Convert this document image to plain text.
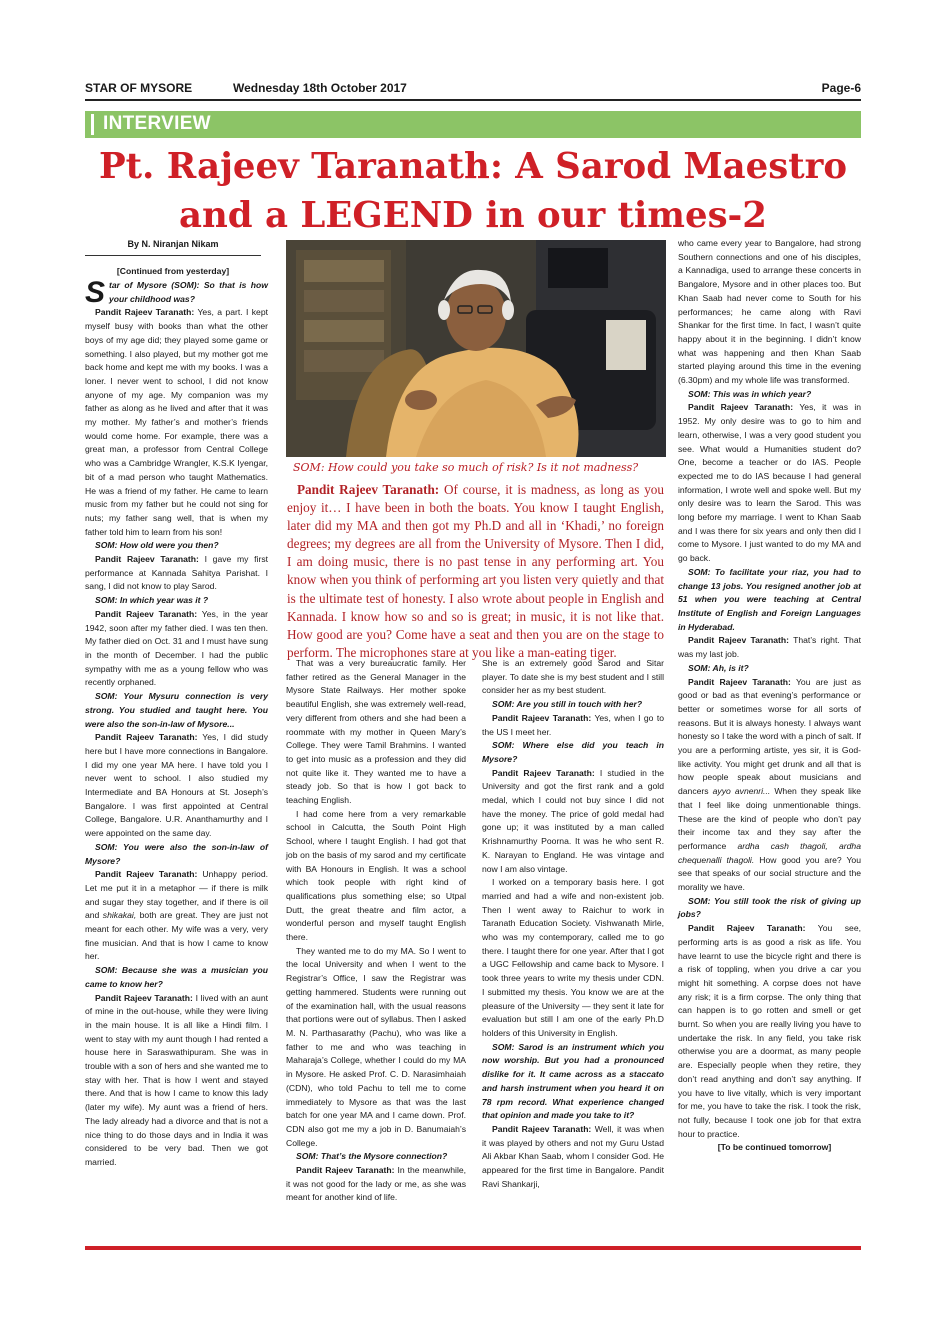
STAR OF MYSORE	Wednesday 18th October 2017	Page-6
INTERVIEW
Pt. Rajeev Taranath: A Sarod Maestro
and a LEGEND in our times-2
By N. Niranjan Nikam
[Continued from yesterday]

Star of Mysore (SOM): So that is how your childhood was?

Pandit Rajeev Taranath: Yes, a part. I kept myself busy with books than what the other boys of my age did; they played some game or something. I also played, but my mother got me back home and kept me with my books. I was a loner. I never went to school, I did not know anyone of my age. My companion was my father as along as he lived and after that it was my mother. My father’s and mother’s friends would come home. For example, there was a great man, a professor from Central College who was a Cambridge Wrangler, K.S.K Iyengar, bit of a mad person who taught Mathematics. He was a friend of my father. He came to learn music from my father but he could not sing for nuts; my father sang well, that is when my father told him to learn from his son!

SOM: How old were you then?

Pandit Rajeev Taranath: I gave my first performance at Kannada Sahitya Parishat. I sang, I did not know to play Sarod.

SOM: In which year was it ?

Pandit Rajeev Taranath: Yes, in the year 1942, soon after my father died. I was ten then. My father died on Oct. 31 and I must have sung in the month of December. I had the public sympathy with me as a young fellow who was recently orphaned.

SOM: Your Mysuru connection is very strong. You studied and taught here. You were also the son-in-law of Mysore...

Pandit Rajeev Taranath: Yes, I did study here but I have more connections in Bangalore. I did my one year MA here. I have told you I never went to school. I also studied my Intermediate and BA Honours at St. Joseph’s Bangalore. I was first appointed at Central College, Bangalore. U.R. Ananthamurthy and I were appointed on the same day.

SOM: You were also the son-in-law of Mysore?

Pandit Rajeev Taranath: Unhappy period. Let me put it in a metaphor — if there is milk and sugar they stay together, and if there is oil and shikakai, both are great. They are just not meant for each other. My wife was a very, very fine musician. And that is how I came to know her.

SOM: Because she was a musician you came to know her?

Pandit Rajeev Taranath: I lived with an aunt of mine in the out-house, while they were living in the main house. It is all like a Hindi film. I went to stay with my aunt though I had rented a house here in Saraswathipuram. She was in trouble with a son of hers and she wanted me to stay with her. That is how I went and stayed there. And that is how I came to know this lady (later my wife). My aunt was a friend of hers. The lady already had a divorce and that is not a nice thing to do those days and in India it was considered to be very bad. Then we got married.

SOM: How could you take so much of risk? Is it not madness?

Pandit Rajeev Taranath: Of course, it is madness, as long as you enjoy it… I have been in both the boats. You know I taught English, later did my MA and then got my Ph.D and all in ‘Khadi,’ no foreign degrees; my degrees are all from the University of Mysore. Then I did, I am doing music, there is no past tense in any performing art. You know when you think of performing art you listen very quietly and that is the ultimate test of honesty. I also wrote about people in English and Kannada. I know how so and so is great; in music, it is not like that. How good are you? Come have a seat and then you are on the stage to perform. The microphones stare at you like a man-eating tiger.

That was a very bureaucratic family. Her father retired as the General Manager in the Mysore State Railways. Her mother spoke beautiful English, she was extremely well-read, very different from others and she had been a roommate with my mother in Queen Mary’s College. They were Tamil Brahmins. I wanted to get into music as a profession and they did not quite like it. They wanted me to have a steady job. So that is how I got back to teaching English.

I had come here from a very remarkable school in Calcutta, the South Point High School, where I taught English. I had got that job on the basis of my sarod and my certificate with BA Honours in English. It was a school which took people with right kind of qualifications plus something else; so Utpal Dutt, the great theatre and film actor, a wonderful person and myself taught English there.

They wanted me to do my MA. So I went to the local University and when I went to the Registrar’s Office, I saw the Registrar was getting hammered. Students were running out of the examination hall, with the usual reasons that portions were out of syllabus. Then I asked M. N. Parthasarathy (Pachu), who was like a father to me and who was teaching in Maharaja’s College, whether I could do my MA in Mysore. He asked Prof. C. D. Narasimhaiah (CDN), who told Pachu to tell me to come immediately to Mysore as that was the last batch for one year MA and I came down. Prof. CDN also got me my a job in D. Banumaiah’s College.

SOM: That’s the Mysore connection?

Pandit Rajeev Taranath: In the meanwhile, it was not good for the lady or me, as she was meant for another kind of life.

She is an extremely good Sarod and Sitar player. To date she is my best student and I still consider her as my best student.

SOM: Are you still in touch with her?

Pandit Rajeev Taranath: Yes, when I go to the US I meet her.

SOM: Where else did you teach in Mysore?

Pandit Rajeev Taranath: I studied in the University and got the first rank and a gold medal, which I could not buy since I did not have the money. The price of gold medal had gone up; it was instituted by a man called Krishnamurthy Poorna. It was he who sent R. K. Narayan to England. He was vintage and now I am also vintage.

I worked on a temporary basis here. I got married and had a wife and non-existent job. Then I went away to Raichur to work in Taranath Education Society. Vishwanath Mirle, who was my contemporary, called me to go there. I taught there for one year. After that I got a UGC Fellowship and came back to Mysore. I took three years to write my thesis under CDN. I submitted my thesis. You know we are at the pleasure of the University — they sent it late for evaluation but still I am one of the early Ph.D holders of this University in English.

SOM: Sarod is an instrument which you now worship. But you had a pronounced dislike for it. It came across as a staccato and harsh instrument when you heard it on 78 rpm record. What experience changed that opinion and made you take to it?

Pandit Rajeev Taranath: Well, it was when it was played by others and not my Guru Ustad Ali Akbar Khan Saab, whom I consider God. He appeared for the first time in Bangalore. Pandit Ravi Shankarji,

who came every year to Bangalore, had strong Southern connections and one of his disciples, a Kannadiga, used to arrange these concerts in Bangalore, Mysore and in other places too. But Khan Saab had never come to South for his performances; he came along with Ravi Shankar for the first time. In fact, I wasn’t quite happy about it in the beginning. I didn’t know what was happening and then Khan Saab started playing around this time in the evening (6.30pm) and my whole life was transformed.

SOM: This was in which year?

Pandit Rajeev Taranath: Yes, it was in 1952. My only desire was to go to him and learn, otherwise, I was a very good student you see. What would a Humanities student do? One, become a teacher or do IAS. People expected me to do IAS because I had general information, I wrote well and spoke well. But my only desire was to learn the Sarod. This was long before my marriage. I went to Khan Saab and I was there for six years and only then did I come to Mysore. I just wanted to do my MA and go back.

SOM: To facilitate your riaz, you had to change 13 jobs. You resigned another job at 51 when you were teaching at Central Institute of English and Foreign Languages in Hyderabad.

Pandit Rajeev Taranath: That’s right. That was my last job.

SOM: Ah, is it?

Pandit Rajeev Taranath: You are just as good or bad as that evening’s performance or better or sometimes worse for all sorts of reasons. But it is always honesty. I always want honesty so I take the word with a pinch of salt. If you are a performing artiste, yes sir, it is God-like activity. You might get drunk and all that is how people speak about musicians and dancers ayyo avnenri... When they speak like that I feel like doing unmentionable things. These are the kind of people who don’t pay their income tax and they say after the performance ardha cash thagoli, ardha chequenalli thagoli. How good you are? You see that speaks of our social structure and the morality we have.

SOM: You still took the risk of giving up jobs?

Pandit Rajeev Taranath: You see, performing arts is as good a risk as life. You have learnt to use the bicycle right and there is a risk of toppling, when you drive a car you might hit something. A corpse does not have any risk; it is a firm corpse. The only thing that can happen is to go rotten and smell or get burnt. So when you are really living you have to undertake the risk. In any field, you take risk otherwise you are a doormat, as many people are. Especially people when they retire, they don’t read anything and don’t say anything. If you have to live vitally, which is very important for me, you have to take the risk. I took the risk, not fully, because I took one job for that extra hour to practice.

[To be continued tomorrow]
